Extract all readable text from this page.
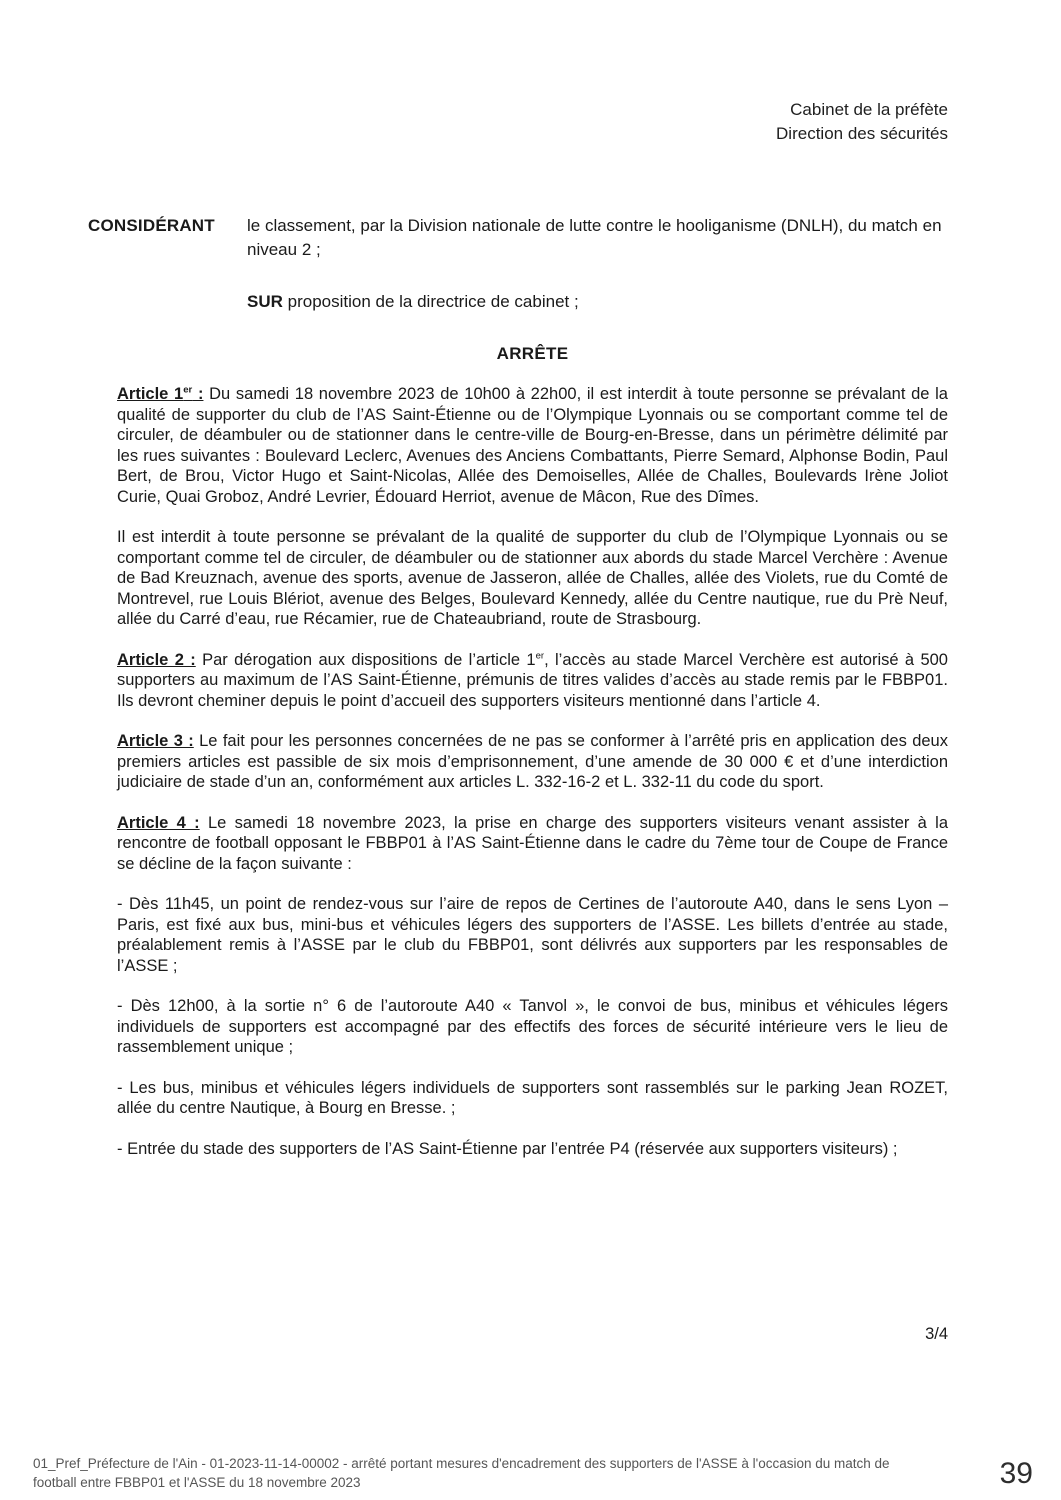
Cabinet de la préfète
Direction des sécurités
CONSIDÉRANT	le classement, par la Division nationale de lutte contre le hooliganisme (DNLH), du match en niveau 2 ;

SUR proposition de la directrice de cabinet ;

ARRÊTE

Article 1er : Du samedi 18 novembre 2023 de 10h00 à 22h00, il est interdit à toute personne se prévalant de la qualité de supporter du club de l’AS Saint-Étienne ou de l’Olympique Lyonnais ou se comportant comme tel de circuler, de déambuler ou de stationner dans le centre-ville de Bourg-en-Bresse, dans un périmètre délimité par les rues suivantes : Boulevard Leclerc, Avenues des Anciens Combattants, Pierre Semard, Alphonse Bodin, Paul Bert, de Brou, Victor Hugo et Saint-Nicolas, Allée des Demoiselles, Allée de Challes, Boulevards Irène Joliot Curie, Quai Groboz, André Levrier, Édouard Herriot, avenue de Mâcon, Rue des Dîmes.

Il est interdit à toute personne se prévalant de la qualité de supporter du club de l’Olympique Lyonnais ou se comportant comme tel de circuler, de déambuler ou de stationner aux abords du stade Marcel Verchère : Avenue de Bad Kreuznach, avenue des sports, avenue de Jasseron, allée de Challes, allée des Violets, rue du Comté de Montrevel, rue Louis Blériot, avenue des Belges, Boulevard Kennedy, allée du Centre nautique, rue du Prè Neuf, allée du Carré d’eau, rue Récamier, rue de Chateaubriand, route de Strasbourg.

Article 2 : Par dérogation aux dispositions de l’article 1er, l’accès au stade Marcel Verchère est autorisé à 500 supporters au maximum de l’AS Saint-Étienne, prémunis de titres valides d’accès au stade remis par le FBBP01. Ils devront cheminer depuis le point d’accueil des supporters visiteurs mentionné dans l’article 4.

Article 3 : Le fait pour les personnes concernées de ne pas se conformer à l’arrêté pris en application des deux premiers articles est passible de six mois d’emprisonnement, d’une amende de 30 000 € et d’une interdiction judiciaire de stade d’un an, conformément aux articles L. 332-16-2 et L. 332-11 du code du sport.

Article 4 : Le samedi 18 novembre 2023, la prise en charge des supporters visiteurs venant assister à la rencontre de football opposant le FBBP01 à l’AS Saint-Étienne dans le cadre du 7ème tour de Coupe de France se décline de la façon suivante :

- Dès 11h45, un point de rendez-vous sur l’aire de repos de Certines de l’autoroute A40, dans le sens Lyon – Paris, est fixé aux bus, mini-bus et véhicules légers des supporters de l’ASSE. Les billets d’entrée au stade, préalablement remis à l’ASSE par le club du FBBP01, sont délivrés aux supporters par les responsables de l’ASSE ;

- Dès 12h00, à la sortie n° 6 de l’autoroute A40 « Tanvol », le convoi de bus, minibus et véhicules légers individuels de supporters est accompagné par des effectifs des forces de sécurité intérieure vers le lieu de rassemblement unique ;

- Les bus, minibus et véhicules légers individuels de supporters sont rassemblés sur le parking Jean ROZET, allée du centre Nautique, à Bourg en Bresse. ;

- Entrée du stade des supporters de l’AS Saint-Étienne par l’entrée P4 (réservée aux supporters visiteurs) ;

3/4
01_Pref_Préfecture de l'Ain - 01-2023-11-14-00002 - arrêté portant mesures d'encadrement des supporters de l'ASSE à l'occasion du match de football entre FBBP01 et l'ASSE du 18 novembre 2023	39
